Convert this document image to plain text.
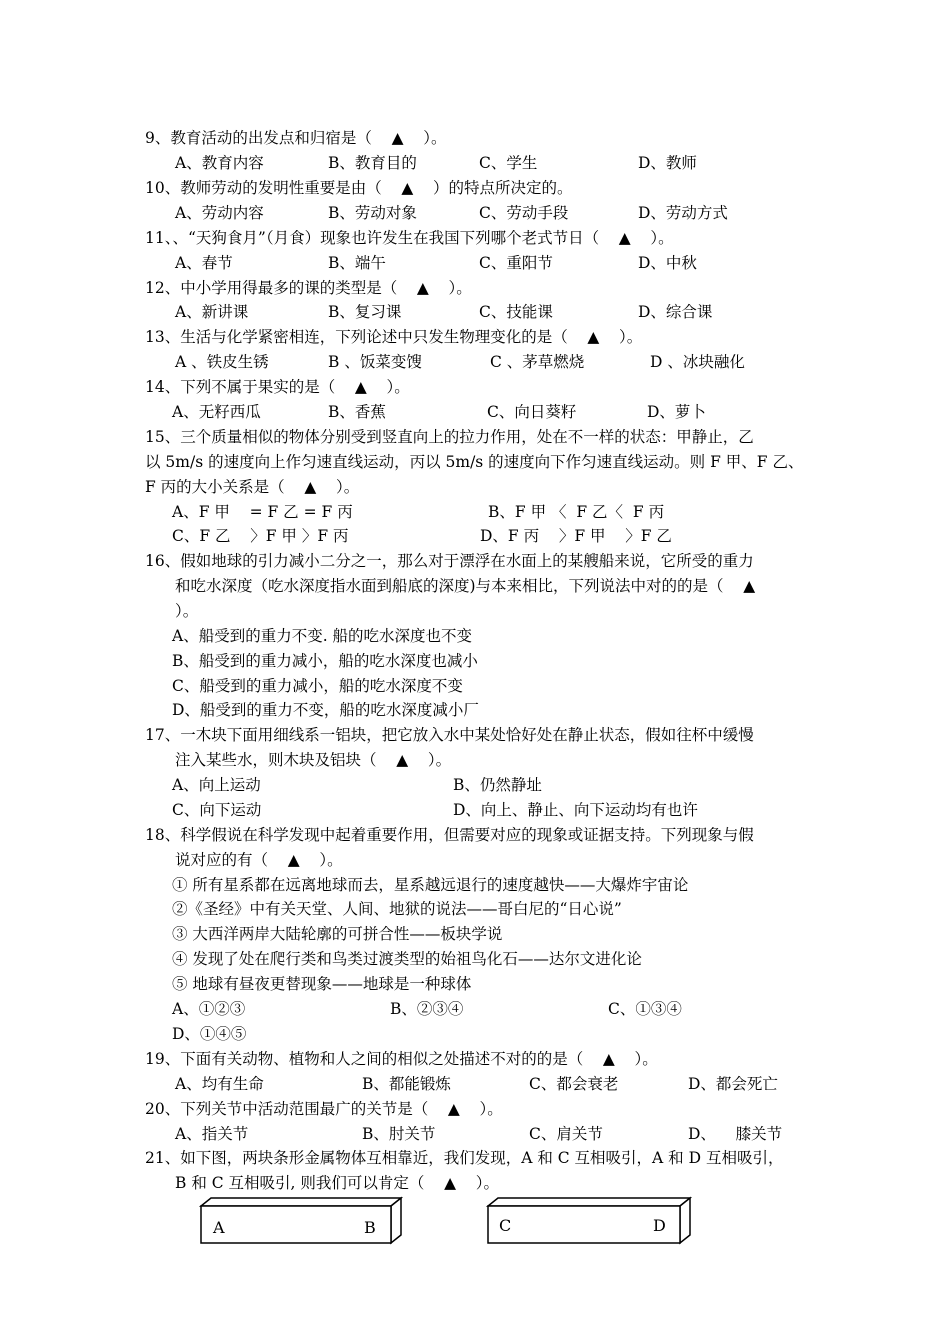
9、教育活动的出发点和归宿是（    ▲    ）。
A、教育内容	B、教育目的	C、学生	D、教师
10、教师劳动的发明性重要是由（    ▲    ）的特点所决定的。
A、劳动内容	B、劳动对象	C、劳动手段	D、劳动方式
11、、“天狗食月”（月食）现象也许发生在我国下列哪个老式节日（    ▲    ）。
A、春节	B、端午	C、重阳节	D、中秋
12、中小学用得最多的课的类型是（    ▲    ）。
A、新讲课	B、复习课	C、技能课	D、综合课
13、生活与化学紧密相连，下列论述中只发生物理变化的是（    ▲    ）。
A 、铁皮生锈	B 、饭菜变馊	C 、茅草燃烧	D 、冰块融化
14、下列不属于果实的是（    ▲    ）。
A、无籽西瓜	B、香蕉	C、向日葵籽	D、萝卜
15、三个质量相似的物体分别受到竖直向上的拉力作用，处在不一样的状态：甲静止，乙
以 5m/s 的速度向上作匀速直线运动，丙以 5m/s 的速度向下作匀速直线运动。则 F 甲、F 乙、
F 丙的大小关系是（    ▲    ）。
A、F 甲    = F 乙 = F 丙	B、F 甲 〈  F 乙〈  F 丙
C、F 乙    〉F 甲 〉F 丙	D、F 丙    〉F 甲    〉F 乙
16、假如地球的引力减小二分之一，那么对于漂浮在水面上的某艘船来说，它所受的重力
和吃水深度（吃水深度指水面到船底的深度)与本来相比，下列说法中对的的是（    ▲
）。
A、船受到的重力不变. 船的吃水深度也不变
B、船受到的重力减小，船的吃水深度也减小
C、船受到的重力减小，船的吃水深度不变
D、船受到的重力不变，船的吃水深度减小厂
17、一木块下面用细线系一铝块，把它放入水中某处恰好处在静止状态，假如往杯中缓慢
注入某些水，则木块及铝块（    ▲    ）。
A、向上运动	B、仍然静址
C、向下运动	D、向上、静止、向下运动均有也许
18、科学假说在科学发现中起着重要作用，但需要对应的现象或证据支持。下列现象与假
说对应的有（    ▲    ）。
① 所有星系都在远离地球而去，星系越远退行的速度越快——大爆炸宇宙论
②《圣经》中有关天堂、人间、地狱的说法——哥白尼的“日心说”
③ 大西洋两岸大陆轮廓的可拼合性——板块学说
④ 发现了处在爬行类和鸟类过渡类型的始祖鸟化石——达尔文进化论
⑤ 地球有昼夜更替现象——地球是一种球体
A、①②③	B、②③④	C、①③④
D、①④⑤
19、下面有关动物、植物和人之间的相似之处描述不对的的是（    ▲    ）。
A、均有生命	B、都能锻炼	C、都会衰老	D、都会死亡
20、下列关节中活动范围最广的关节是（    ▲    ）。
A、指关节	B、肘关节	C、肩关节	D、    膝关节
21、如下图，两块条形金属物体互相靠近，我们发现，A 和 C 互相吸引，A 和 D 互相吸引，
B 和 C 互相吸引, 则我们可以肯定（    ▲    ）。
A	B	C	D
